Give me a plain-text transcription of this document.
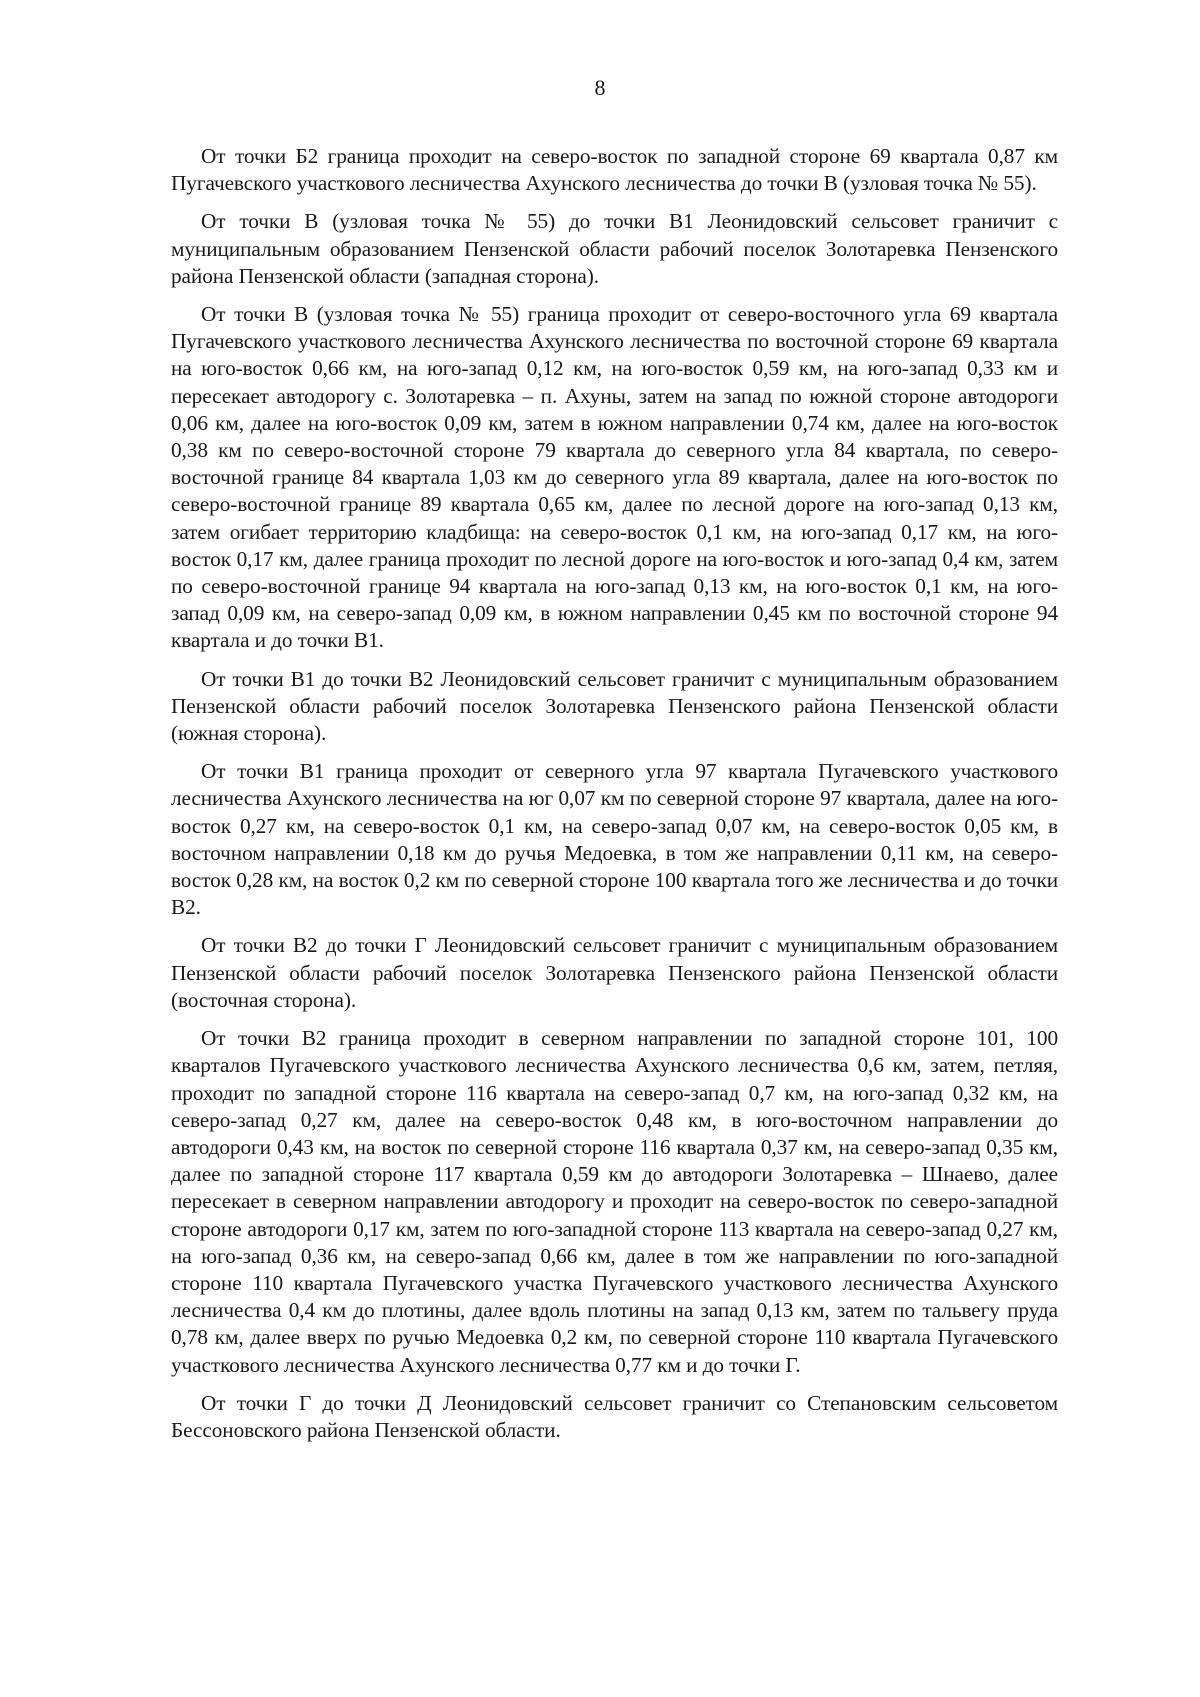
8

От точки Б2 граница проходит на северо-восток по западной стороне 69 квартала 0,87 км Пугачевского участкового лесничества Ахунского лесничества до точки В (узловая точка № 55).

От точки В (узловая точка № 55) до точки В1 Леонидовский сельсовет граничит с муниципальным образованием Пензенской области рабочий поселок Золотаревка Пензенского района Пензенской области (западная сторона).

От точки В (узловая точка № 55) граница проходит от северо-восточного угла 69 квартала Пугачевского участкового лесничества Ахунского лесничества по восточной стороне 69 квартала на юго-восток 0,66 км, на юго-запад 0,12 км, на юго-восток 0,59 км, на юго-запад 0,33 км и пересекает автодорогу с. Золотаревка – п. Ахуны, затем на запад по южной стороне автодороги 0,06 км, далее на юго-восток 0,09 км, затем в южном направлении 0,74 км, далее на юго-восток 0,38 км по северо-восточной стороне 79 квартала до северного угла 84 квартала, по северо-восточной границе 84 квартала 1,03 км до северного угла 89 квартала, далее на юго-восток по северо-восточной границе 89 квартала 0,65 км, далее по лесной дороге на юго-запад 0,13 км, затем огибает территорию кладбища: на северо-восток 0,1 км, на юго-запад 0,17 км, на юго-восток 0,17 км, далее граница проходит по лесной дороге на юго-восток и юго-запад 0,4 км, затем по северо-восточной границе 94 квартала на юго-запад 0,13 км, на юго-восток 0,1 км, на юго-запад 0,09 км, на северо-запад 0,09 км, в южном направлении 0,45 км по восточной стороне 94 квартала и до точки В1.

От точки В1 до точки В2 Леонидовский сельсовет граничит с муниципальным образованием Пензенской области рабочий поселок Золотаревка Пензенского района Пензенской области (южная сторона).

От точки В1 граница проходит от северного угла 97 квартала Пугачевского участкового лесничества Ахунского лесничества на юг 0,07 км по северной стороне 97 квартала, далее на юго-восток 0,27 км, на северо-восток 0,1 км, на северо-запад 0,07 км, на северо-восток 0,05 км, в восточном направлении 0,18 км до ручья Медоевка, в том же направлении 0,11 км, на северо-восток 0,28 км, на восток 0,2 км по северной стороне 100 квартала того же лесничества и до точки В2.

От точки В2 до точки Г Леонидовский сельсовет граничит с муниципальным образованием Пензенской области рабочий поселок Золотаревка Пензенского района Пензенской области (восточная сторона).

От точки В2 граница проходит в северном направлении по западной стороне 101, 100 кварталов Пугачевского участкового лесничества Ахунского лесничества 0,6 км, затем, петляя, проходит по западной стороне 116 квартала на северо-запад 0,7 км, на юго-запад 0,32 км, на северо-запад 0,27 км, далее на северо-восток 0,48 км, в юго-восточном направлении до автодороги 0,43 км, на восток по северной стороне 116 квартала 0,37 км, на северо-запад 0,35 км, далее по западной стороне 117 квартала 0,59 км до автодороги Золотаревка – Шнаево, далее пересекает в северном направлении автодорогу и проходит на северо-восток по северо-западной стороне автодороги 0,17 км, затем по юго-западной стороне 113 квартала на северо-запад 0,27 км, на юго-запад 0,36 км, на северо-запад 0,66 км, далее в том же направлении по юго-западной стороне 110 квартала Пугачевского участка Пугачевского участкового лесничества Ахунского лесничества 0,4 км до плотины, далее вдоль плотины на запад 0,13 км, затем по тальвегу пруда 0,78 км, далее вверх по ручью Медоевка 0,2 км, по северной стороне 110 квартала Пугачевского участкового лесничества Ахунского лесничества 0,77 км и до точки Г.

От точки Г до точки Д Леонидовский сельсовет граничит со Степановским сельсоветом Бессоновского района Пензенской области.
